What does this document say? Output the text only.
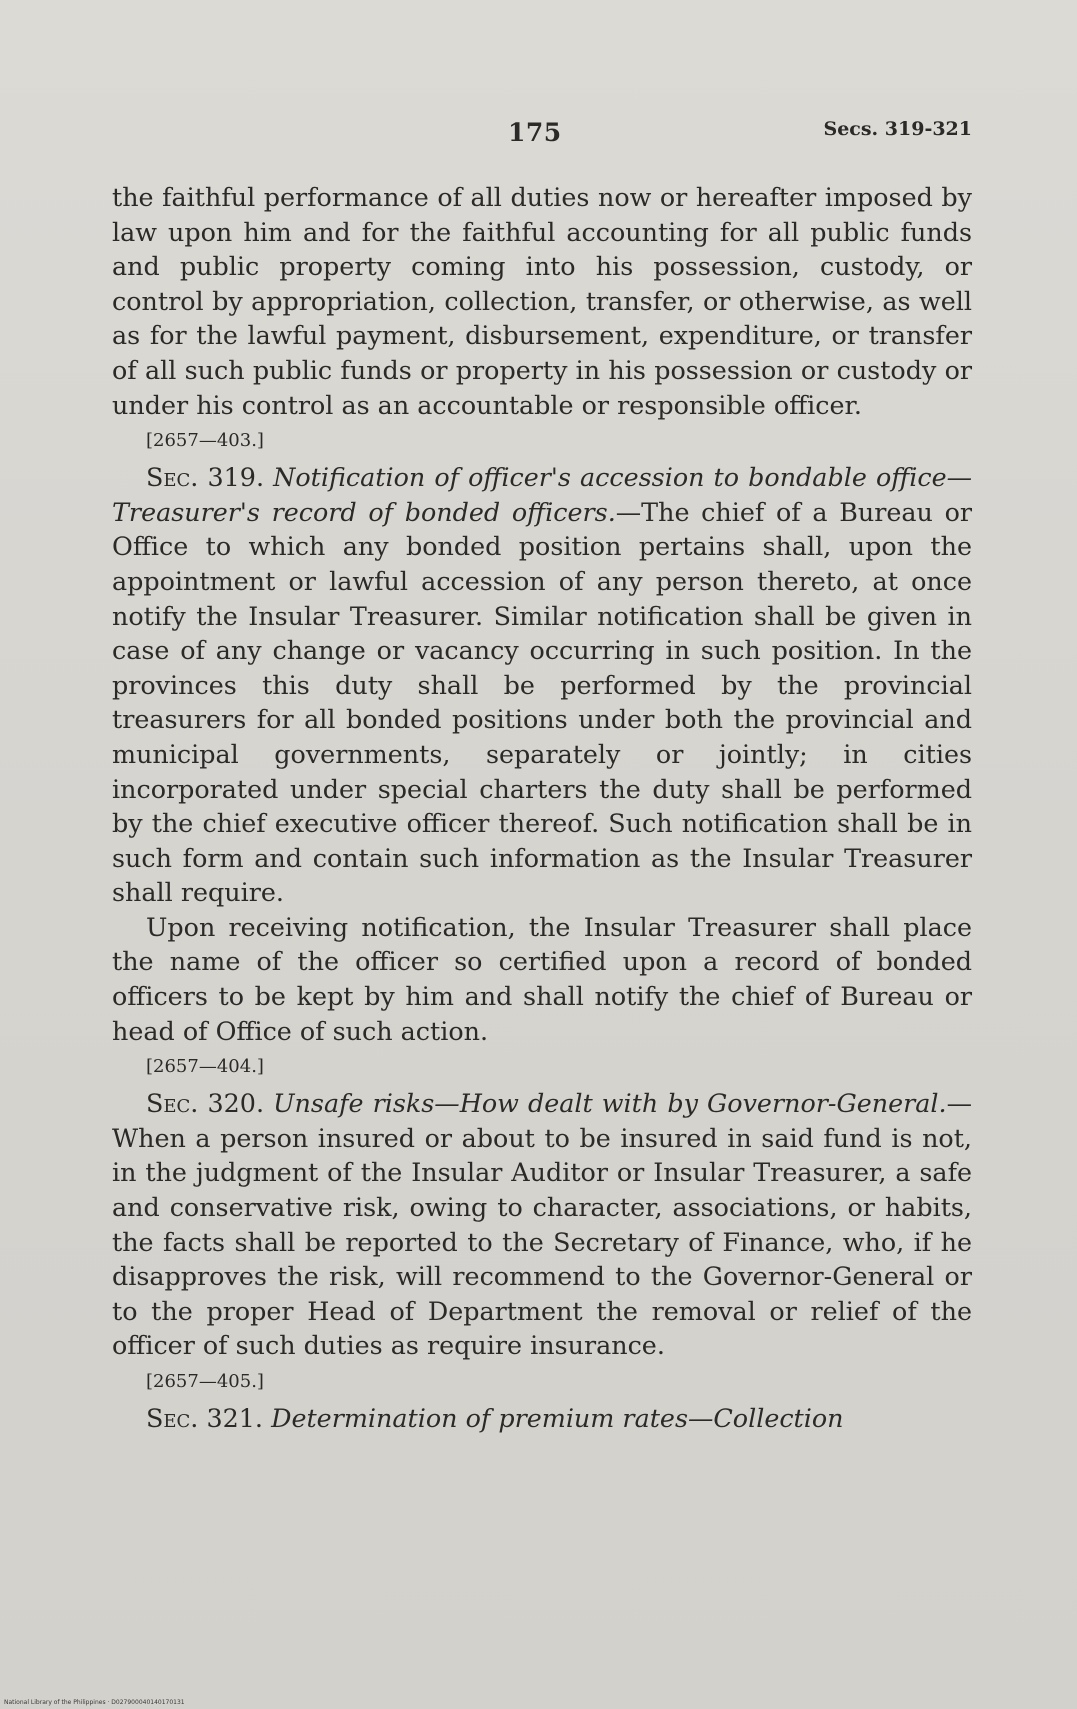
175	Secs. 319-321

the faithful performance of all duties now or hereafter imposed by law upon him and for the faithful accounting for all public funds and public property coming into his possession, custody, or control by appropriation, collection, transfer, or otherwise, as well as for the lawful payment, disbursement, expenditure, or transfer of all such public funds or property in his possession or custody or under his control as an accountable or responsible officer.

[2657—403.]

Sec. 319. Notification of officer's accession to bondable office—Treasurer's record of bonded officers.—The chief of a Bureau or Office to which any bonded position pertains shall, upon the appointment or lawful accession of any person thereto, at once notify the Insular Treasurer. Similar notification shall be given in case of any change or vacancy occurring in such position. In the provinces this duty shall be performed by the provincial treasurers for all bonded positions under both the provincial and municipal governments, separately or jointly; in cities incorporated under special charters the duty shall be performed by the chief executive officer thereof. Such notification shall be in such form and contain such information as the Insular Treasurer shall require.

Upon receiving notification, the Insular Treasurer shall place the name of the officer so certified upon a record of bonded officers to be kept by him and shall notify the chief of Bureau or head of Office of such action.

[2657—404.]

Sec. 320. Unsafe risks—How dealt with by Governor-General.—When a person insured or about to be insured in said fund is not, in the judgment of the Insular Auditor or Insular Treasurer, a safe and conservative risk, owing to character, associations, or habits, the facts shall be reported to the Secretary of Finance, who, if he disapproves the risk, will recommend to the Governor-General or to the proper Head of Department the removal or relief of the officer of such duties as require insurance.

[2657—405.]

Sec. 321. Determination of premium rates—Collection

National Library of the Philippines · D027900040140170131
